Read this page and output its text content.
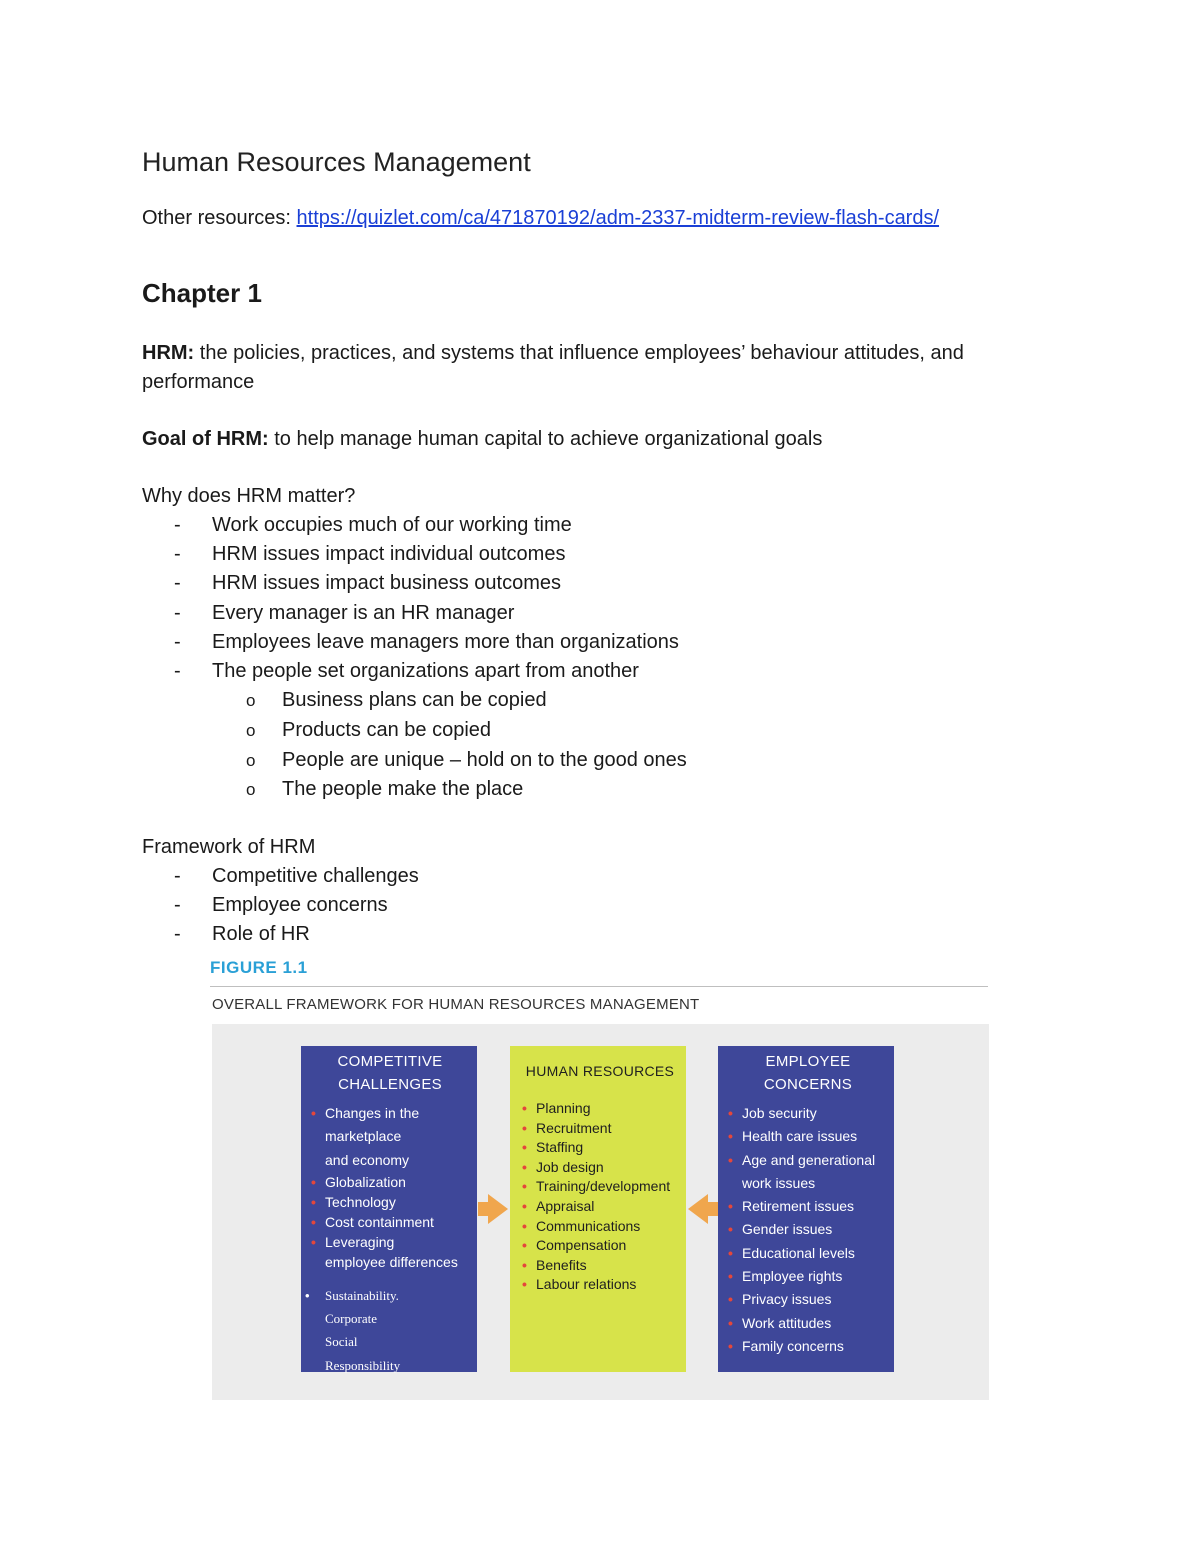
Human Resources Management
Other resources: https://quizlet.com/ca/471870192/adm-2337-midterm-review-flash-cards/
Chapter 1
HRM: the policies, practices, and systems that influence employees’ behaviour attitudes, and performance
Goal of HRM: to help manage human capital to achieve organizational goals
Why does HRM matter?
- Work occupies much of our working time
- HRM issues impact individual outcomes
- HRM issues impact business outcomes
- Every manager is an HR manager
- Employees leave managers more than organizations
- The people set organizations apart from another
o Business plans can be copied
o Products can be copied
o People are unique – hold on to the good ones
o The people make the place
Framework of HRM
- Competitive challenges
- Employee concerns
- Role of HR
FIGURE 1.1
OVERALL FRAMEWORK FOR HUMAN RESOURCES MANAGEMENT
COMPETITIVE
CHALLENGES
• Changes in the
marketplace
and economy
• Globalization
• Technology
• Cost containment
• Leveraging
employee differences
• Sustainability.
Corporate
Social
Responsibility
HUMAN RESOURCES
• Planning
• Recruitment
• Staffing
• Job design
• Training/development
• Appraisal
• Communications
• Compensation
• Benefits
• Labour relations
EMPLOYEE
CONCERNS
• Job security
• Health care issues
• Age and generational
work issues
• Retirement issues
• Gender issues
• Educational levels
• Employee rights
• Privacy issues
• Work attitudes
• Family concerns
